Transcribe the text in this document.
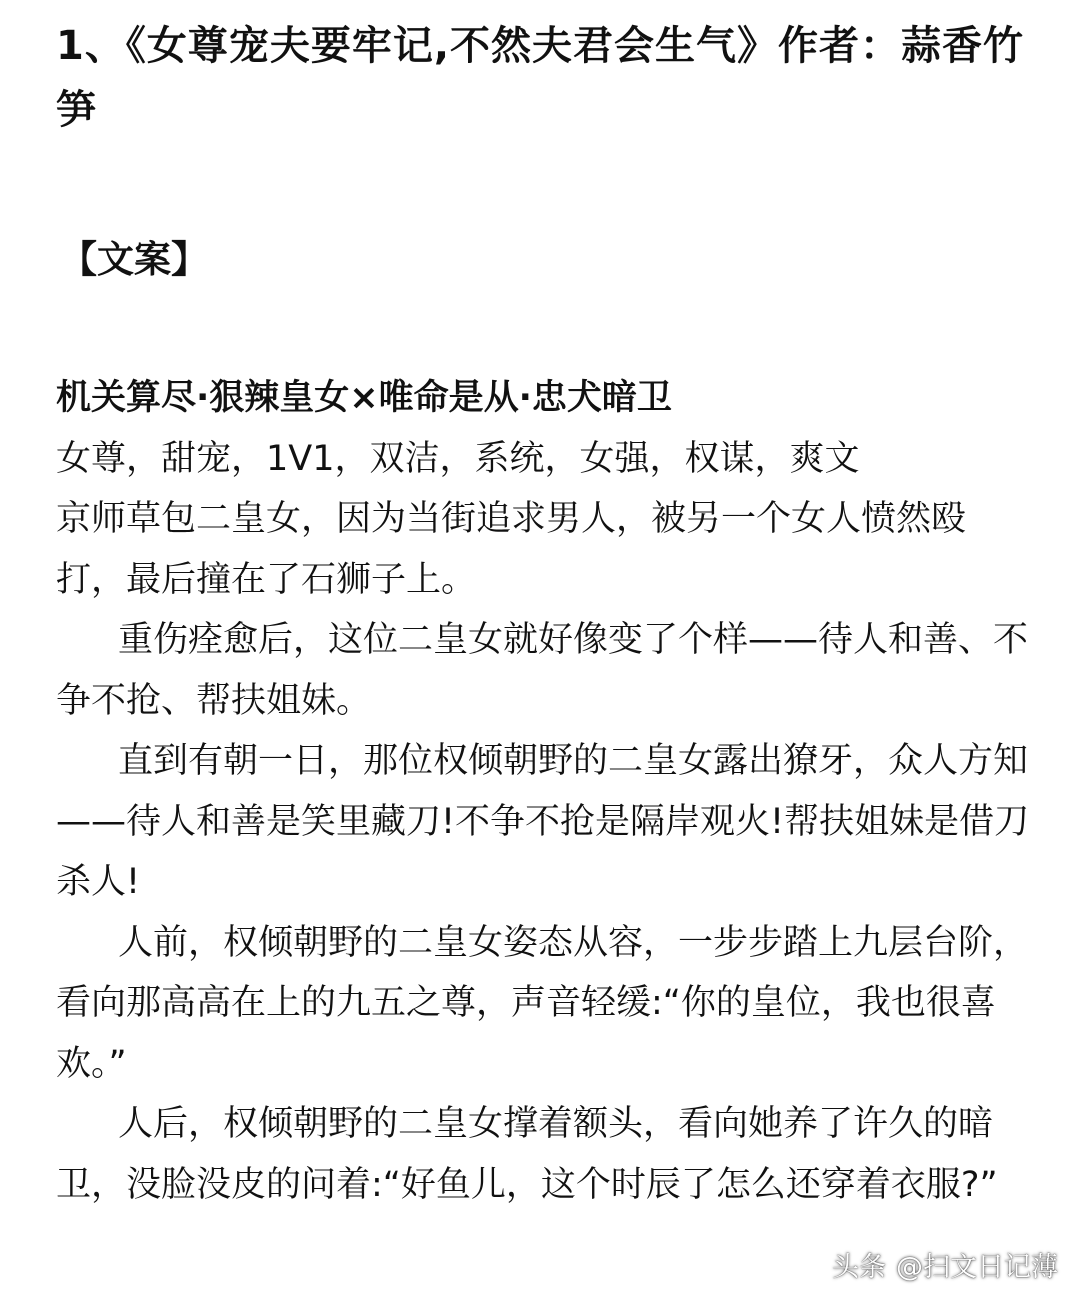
1、《女尊宠夫要牢记,不然夫君会生气》作者：蒜香竹笋
【文案】

机关算尽·狠辣皇女×唯命是从·忠犬暗卫

女尊，甜宠，1V1，双洁，系统，女强，权谋，爽文

京师草包二皇女，因为当街追求男人，被另一个女人愤然殴打，最后撞在了石狮子上。

重伤痊愈后，这位二皇女就好像变了个样——待人和善、不争不抢、帮扶姐妹。

直到有朝一日，那位权倾朝野的二皇女露出獠牙，众人方知——待人和善是笑里藏刀!不争不抢是隔岸观火!帮扶姐妹是借刀杀人!

人前，权倾朝野的二皇女姿态从容，一步步踏上九层台阶，看向那高高在上的九五之尊，声音轻缓:“你的皇位，我也很喜欢。”

人后，权倾朝野的二皇女撑着额头，看向她养了许久的暗卫，没脸没皮的问着:“好鱼儿，这个时辰了怎么还穿着衣服?”

头条 @扫文日记薄
